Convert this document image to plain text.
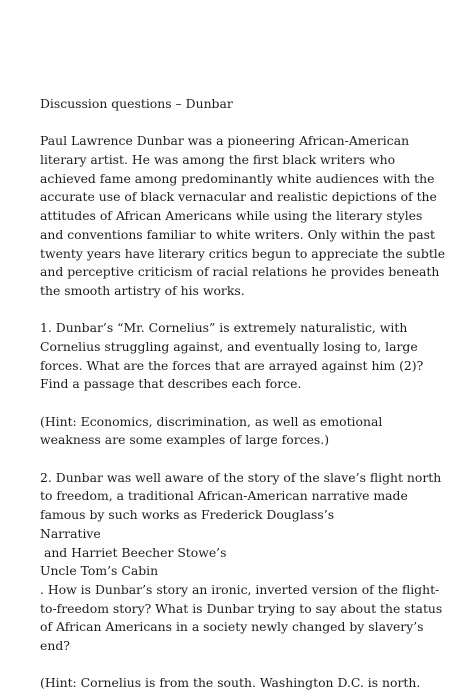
Discussion questions – Dunbar
Paul Lawrence Dunbar was a pioneering African-American
literary artist. He was among the first black writers who
achieved fame among predominantly white audiences with the
accurate use of black vernacular and realistic depictions of the
attitudes of African Americans while using the literary styles
and conventions familiar to white writers. Only within the past
twenty years have literary critics begun to appreciate the subtle
and perceptive criticism of racial relations he provides beneath
the smooth artistry of his works.
1. Dunbar’s “Mr. Cornelius” is extremely naturalistic, with
Cornelius struggling against, and eventually losing to, large
forces. What are the forces that are arrayed against him (2)?
Find a passage that describes each force.
(Hint: Economics, discrimination, as well as emotional
weakness are some examples of large forces.)
2. Dunbar was well aware of the story of the slave’s flight north
to freedom, a traditional African-American narrative made
famous by such works as Frederick Douglass’s
Narrative
and Harriet Beecher Stowe’s
Uncle Tom’s Cabin
. How is Dunbar’s story an ironic, inverted version of the flight-
to-freedom story? What is Dunbar trying to say about the status
of African Americans in a society newly changed by slavery’s
end?
(Hint: Cornelius is from the south. Washington D.C. is north.
